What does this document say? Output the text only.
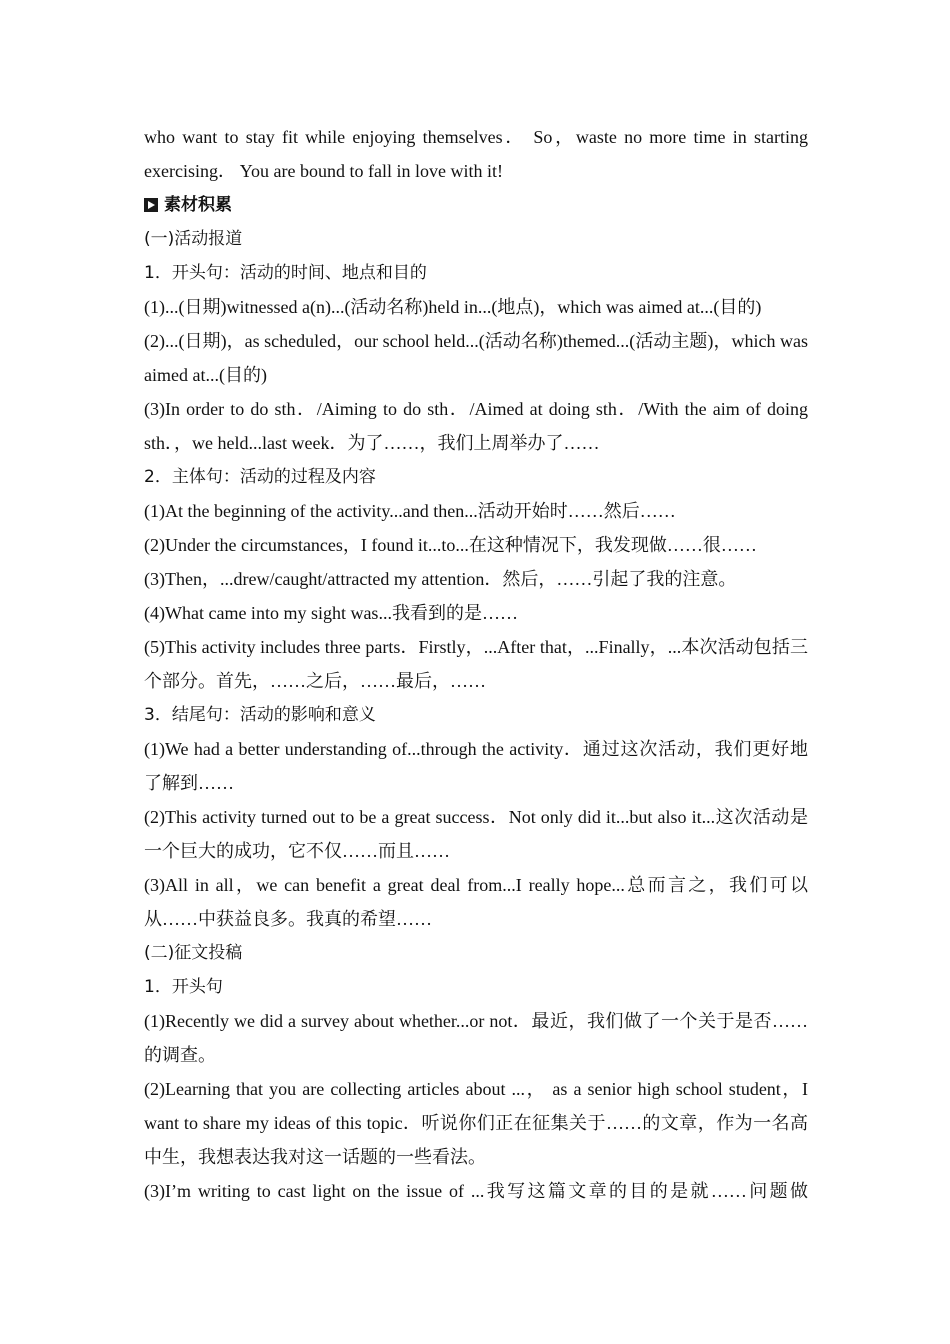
who want to stay fit while enjoying themselves． So，waste no more time in starting

exercising． You are bound to fall in love with it!

素材积累

(一)活动报道

1．开头句：活动的时间、地点和目的

(1)...(日期)witnessed a(n)...(活动名称)held in...(地点)，which was aimed at...(目的)

(2)...(日期)，as scheduled，our school held...(活动名称)themed...(活动主题)，which was aimed at...(目的)

(3)In order to do sth．/Aiming to do sth．/Aimed at doing sth．/With the aim of doing sth．，we held...last week．为了……，我们上周举办了……

2．主体句：活动的过程及内容

(1)At the beginning of the activity...and then...活动开始时……然后……

(2)Under the circumstances，I found it...to...在这种情况下，我发现做……很……

(3)Then，...drew/caught/attracted my attention．然后，……引起了我的注意。

(4)What came into my sight was...我看到的是……

(5)This activity includes three parts．Firstly，...After that，...Finally，...本次活动包括三个部分。首先，……之后，……最后，……

3．结尾句：活动的影响和意义

(1)We had a better understanding of...through the activity．通过这次活动，我们更好地了解到……

(2)This activity turned out to be a great success．Not only did it...but also it...这次活动是一个巨大的成功，它不仅……而且……

(3)All in all，we can benefit a great deal from...I really hope...总而言之，我们可以从……中获益良多。我真的希望……

(二)征文投稿

1．开头句

(1)Recently we did a survey about whether...or not．最近，我们做了一个关于是否……的调查。

(2)Learning that you are collecting articles about ...， as a senior high school student，I want to share my ideas of this topic．听说你们正在征集关于……的文章，作为一名高中生，我想表达我对这一话题的一些看法。

(3)I’m writing to cast light on the issue of ...我写这篇文章的目的是就……问题做
